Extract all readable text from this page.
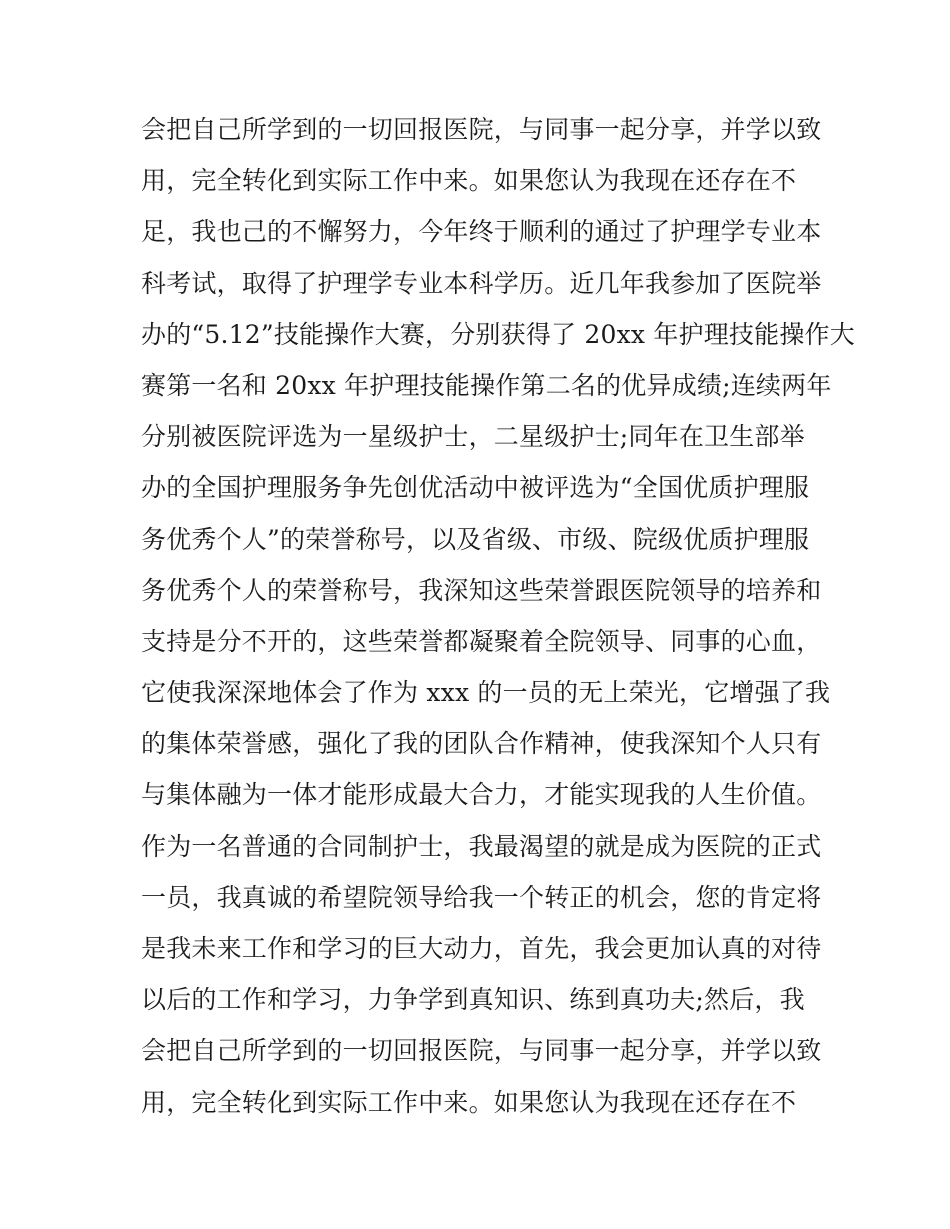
会把自己所学到的一切回报医院，与同事一起分享，并学以致
用，完全转化到实际工作中来。如果您认为我现在还存在不
足，我也己的不懈努力，今年终于顺利的通过了护理学专业本
科考试，取得了护理学专业本科学历。近几年我参加了医院举
办的“5.12”技能操作大赛，分别获得了 20xx 年护理技能操作大
赛第一名和 20xx 年护理技能操作第二名的优异成绩;连续两年
分别被医院评选为一星级护士，二星级护士;同年在卫生部举
办的全国护理服务争先创优活动中被评选为“全国优质护理服
务优秀个人”的荣誉称号，以及省级、市级、院级优质护理服
务优秀个人的荣誉称号，我深知这些荣誉跟医院领导的培养和
支持是分不开的，这些荣誉都凝聚着全院领导、同事的心血，
它使我深深地体会了作为 xxx 的一员的无上荣光，它增强了我
的集体荣誉感，强化了我的团队合作精神，使我深知个人只有
与集体融为一体才能形成最大合力，才能实现我的人生价值。
作为一名普通的合同制护士，我最渴望的就是成为医院的正式
一员，我真诚的希望院领导给我一个转正的机会，您的肯定将
是我未来工作和学习的巨大动力，首先，我会更加认真的对待
以后的工作和学习，力争学到真知识、练到真功夫;然后，我
会把自己所学到的一切回报医院，与同事一起分享，并学以致
用，完全转化到实际工作中来。如果您认为我现在还存在不
